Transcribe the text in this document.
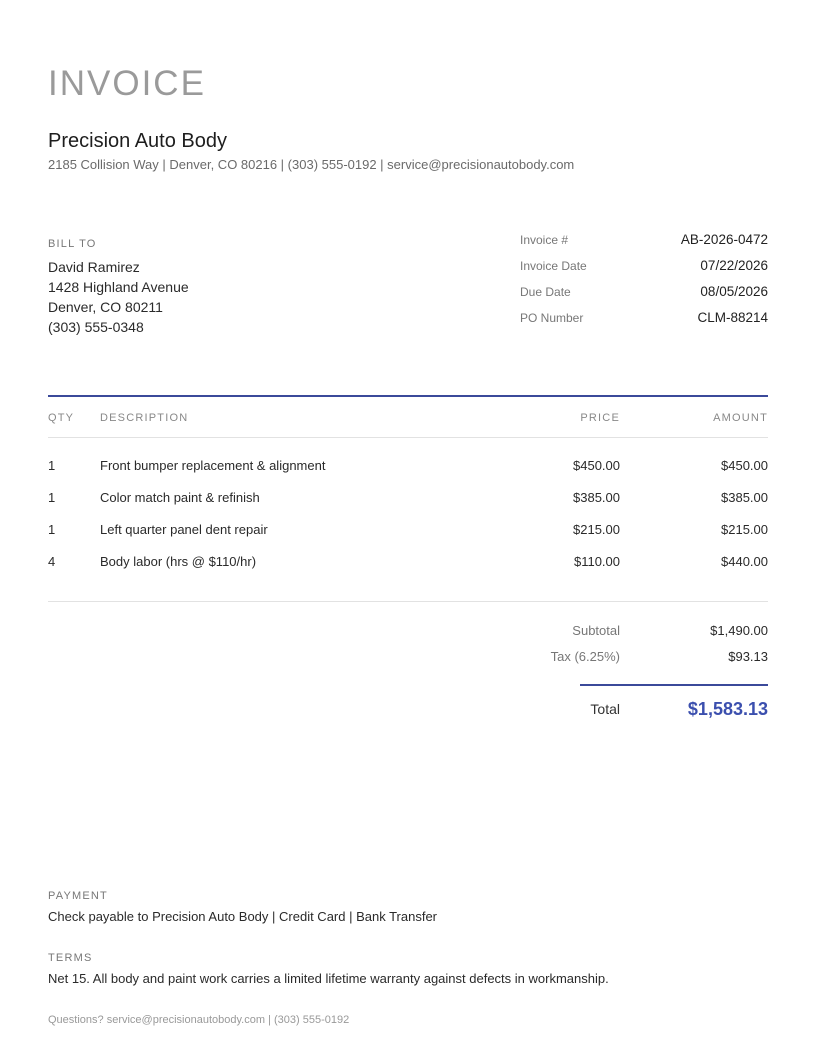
INVOICE
Precision Auto Body
2185 Collision Way | Denver, CO 80216 | (303) 555-0192 | service@precisionautobody.com
BILL TO
David Ramirez
1428 Highland Avenue
Denver, CO 80211
(303) 555-0348
Invoice #	AB-2026-0472
Invoice Date	07/22/2026
Due Date	08/05/2026
PO Number	CLM-88214
QTY DESCRIPTION	PRICE	AMOUNT
1	Front bumper replacement & alignment	$450.00	$450.00
1	Color match paint & refinish	$385.00	$385.00
1	Left quarter panel dent repair	$215.00	$215.00
4	Body labor (hrs @ $110/hr)	$110.00	$440.00
Subtotal	$1,490.00
Tax (6.25%)	$93.13
Total	$1,583.13
PAYMENT
Check payable to Precision Auto Body | Credit Card | Bank Transfer
TERMS
Net 15. All body and paint work carries a limited lifetime warranty against defects in workmanship.
Questions? service@precisionautobody.com | (303) 555-0192
